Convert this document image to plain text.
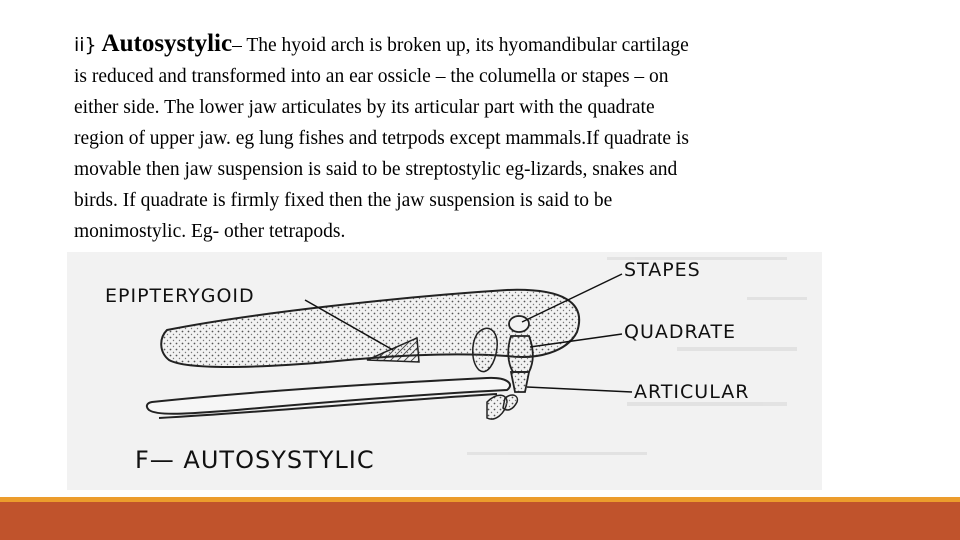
ii} Autosystylic– The hyoid arch is broken up, its hyomandibular cartilage

is reduced and transformed into an ear ossicle – the columella or stapes – on

either side. The lower jaw articulates by its articular part with the quadrate

region of upper jaw. eg lung fishes and tetrpods except mammals.If quadrate is

movable then jaw suspension is said to be streptostylic eg-lizards, snakes and

birds. If quadrate is firmly fixed then the jaw suspension is said to be

monimostylic. Eg- other tetrapods.

EPIPTERYGOID
STAPES
QUADRATE
ARTICULAR
F— AUTOSYSTYLIC
